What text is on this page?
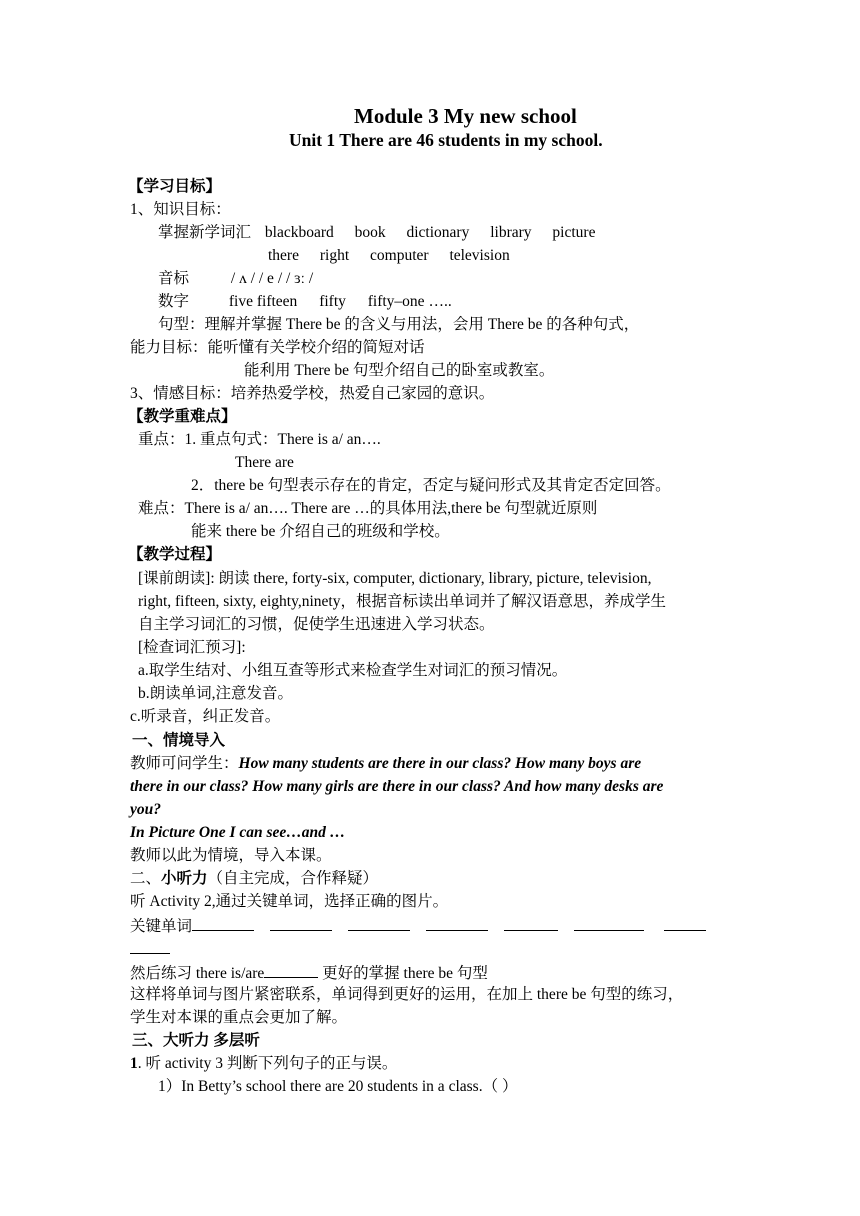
Module 3 My new school
Unit 1 There are 46 students in my school.
【学习目标】
1、知识目标：
掌握新学词汇 blackboard book dictionary library picture
there right computer television
音标	/ ʌ / / e / / ɜː /
数字	five fifteen fifty fifty–one …..
句型：理解并掌握 There be 的含义与用法，会用 There be 的各种句式，
能力目标：能听懂有关学校介绍的简短对话
能利用 There be 句型介绍自己的卧室或教室。
3、情感目标：培养热爱学校，热爱自己家园的意识。
【教学重难点】
重点：1. 重点句式：There is a/ an….
There are
2．there be 句型表示存在的肯定，否定与疑问形式及其肯定否定回答。
难点：There is a/ an…. There are …的具体用法,there be 句型就近原则
能来 there be 介绍自己的班级和学校。
【教学过程】
[课前朗读]: 朗读 there, forty-six, computer, dictionary, library, picture, television,
right, fifteen, sixty, eighty,ninety，根据音标读出单词并了解汉语意思，养成学生
自主学习词汇的习惯，促使学生迅速进入学习状态。
[检查词汇预习]:
a.取学生结对、小组互查等形式来检查学生对词汇的预习情况。
b.朗读单词,注意发音。
c.听录音，纠正发音。
一、情境导入
教师可问学生：How many students are there in our class? How many boys are
there in our class? How many girls are there in our class? And how many desks are
you?
In Picture One I can see…and …
教师以此为情境，导入本课。
二、小听力（自主完成，合作释疑）
听 Activity 2,通过关键单词，选择正确的图片。
关键单词
然后练习 there is/are	更好的掌握 there be 句型
这样将单词与图片紧密联系，单词得到更好的运用，在加上 there be 句型的练习，
学生对本课的重点会更加了解。
三、大听力 多层听
1. 听 activity 3 判断下列句子的正与误。
1）In Betty’s school there are 20 students in a class.（ ）
